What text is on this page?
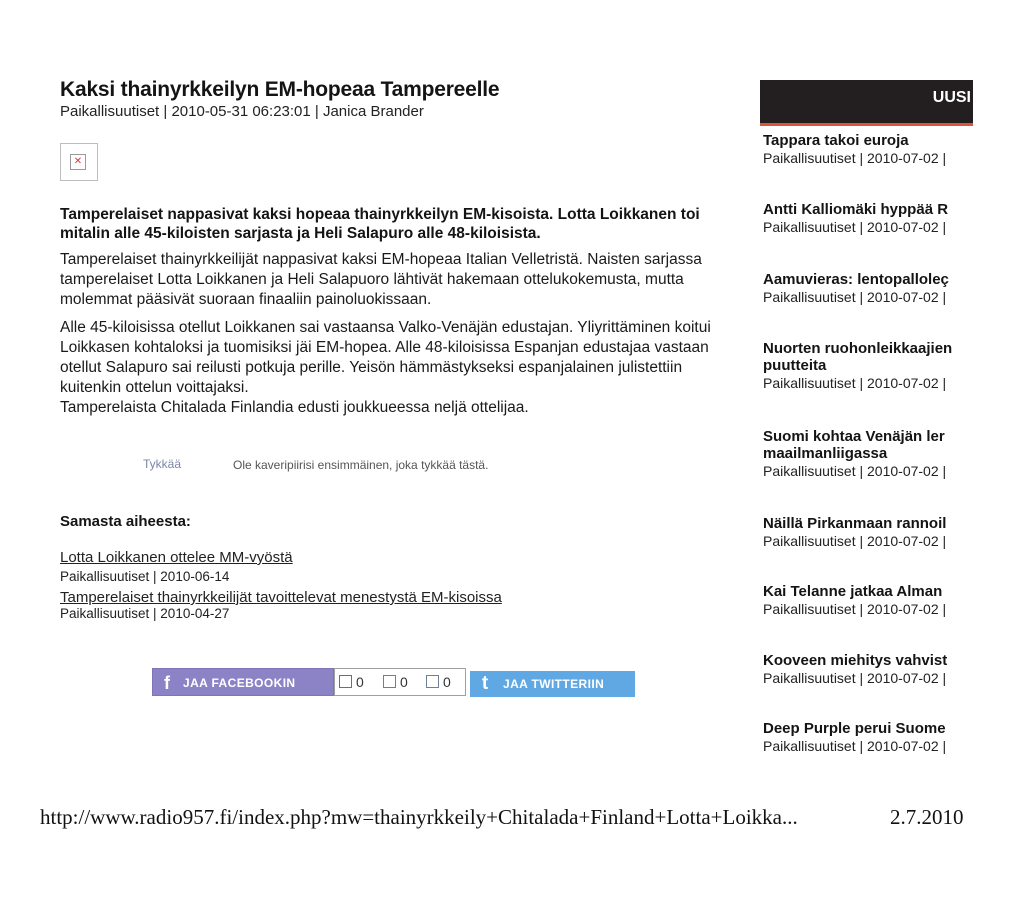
Kaksi thainyrkkeilyn EM-hopeaa Tampereelle
Paikallisuutiset | 2010-05-31 06:23:01 | Janica Brander
✕
Tamperelaiset nappasivat kaksi hopeaa thainyrkkeilyn EM-kisoista. Lotta Loikkanen toi mitalin alle 45-kiloisten sarjasta ja Heli Salapuro alle 48-kiloisista.
Tamperelaiset thainyrkkeilijät nappasivat kaksi EM-hopeaa Italian Velletristä. Naisten sarjassa tamperelaiset Lotta Loikkanen ja Heli Salapuoro lähtivät hakemaan ottelukokemusta, mutta molemmat pääsivät suoraan finaaliin painoluokissaan.
Alle 45-kiloisissa otellut Loikkanen sai vastaansa Valko-Venäjän edustajan. Yliyrittäminen koitui Loikkasen kohtaloksi ja tuomisiksi jäi EM-hopea. Alle 48-kiloisissa Espanjan edustajaa vastaan otellut Salapuro sai reilusti potkuja perille. Yeisön hämmästykseksi espanjalainen julistettiin kuitenkin ottelun voittajaksi.
Tamperelaista Chitalada Finlandia edusti joukkueessa neljä ottelijaa.
Tykkää	Ole kaveripiirisi ensimmäinen, joka tykkää tästä.
Samasta aiheesta:
Lotta Loikkanen ottelee MM-vyöstä
Paikallisuutiset | 2010-06-14
Tamperelaiset thainyrkkeilijät tavoittelevat menestystä EM-kisoissa
Paikallisuutiset | 2010-04-27
f	JAA FACEBOOKIN	0	0	0	t	JAA TWITTERIIN
UUSI
Tappara takoi euroja
Paikallisuutiset | 2010-07-02 |
Antti Kalliomäki hyppää R
Paikallisuutiset | 2010-07-02 |
Aamuvieras: lentopalloleç
Paikallisuutiset | 2010-07-02 |
Nuorten ruohonleikkaajien
puutteita
Paikallisuutiset | 2010-07-02 |
Suomi kohtaa Venäjän ler
maailmanliigassa
Paikallisuutiset | 2010-07-02 |
Näillä Pirkanmaan rannoil
Paikallisuutiset | 2010-07-02 |
Kai Telanne jatkaa Alman
Paikallisuutiset | 2010-07-02 |
Kooveen miehitys vahvist
Paikallisuutiset | 2010-07-02 |
Deep Purple perui Suome
Paikallisuutiset | 2010-07-02 |
http://www.radio957.fi/index.php?mw=thainyrkkeily+Chitalada+Finland+Lotta+Loikka...	2.7.2010
